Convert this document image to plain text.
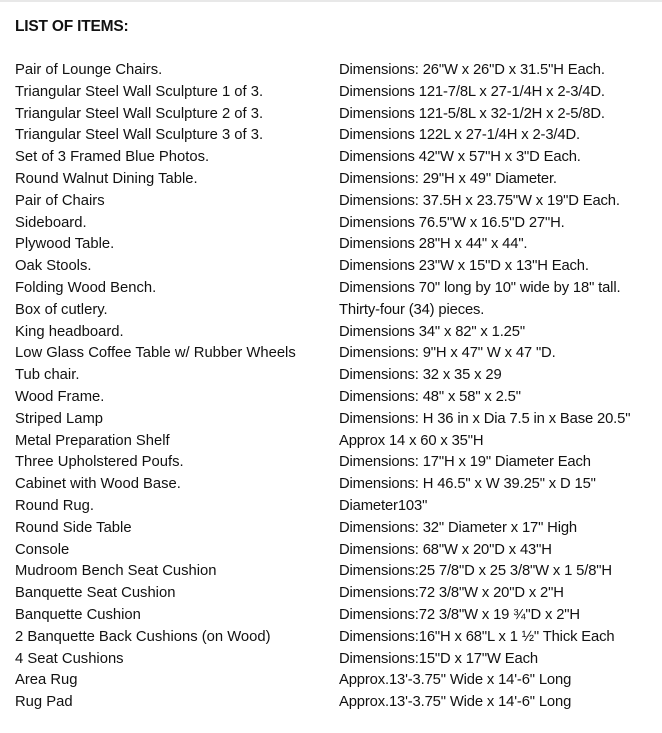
LIST OF ITEMS:
Pair of Lounge Chairs.	Dimensions: 26"W x 26"D x 31.5"H Each.
Triangular Steel Wall Sculpture 1 of 3.	Dimensions 121-7/8L x 27-1/4H x 2-3/4D.
Triangular Steel Wall Sculpture 2 of 3.	Dimensions 121-5/8L x 32-1/2H x 2-5/8D.
Triangular Steel Wall Sculpture 3 of 3.	Dimensions 122L x 27-1/4H x 2-3/4D.
Set of 3 Framed Blue Photos.	Dimensions 42"W x 57"H x 3"D Each.
Round Walnut Dining Table.	Dimensions: 29"H x 49" Diameter.
Pair of Chairs	Dimensions: 37.5H x 23.75"W x 19"D Each.
Sideboard.	Dimensions 76.5"W x 16.5"D 27"H.
Plywood Table.	Dimensions 28"H x 44" x 44".
Oak Stools.	Dimensions 23"W x 15"D x 13"H Each.
Folding Wood Bench.	Dimensions 70" long by 10" wide by 18" tall.
Box of cutlery.	Thirty-four (34) pieces.
King headboard.	Dimensions 34" x 82" x 1.25"
Low Glass Coffee Table w/ Rubber Wheels	Dimensions: 9"H x 47" W x 47 "D.
Tub chair.	Dimensions: 32 x 35 x 29
Wood Frame.	Dimensions: 48" x 58" x 2.5"
Striped Lamp	Dimensions: H 36 in x Dia 7.5 in x Base 20.5"
Metal Preparation Shelf	Approx 14 x 60 x 35"H
Three Upholstered Poufs.	Dimensions: 17"H x 19" Diameter Each
Cabinet with Wood Base.	Dimensions: H 46.5" x W 39.25" x D 15"
Round Rug.	Diameter103"
Round Side Table	Dimensions: 32" Diameter x 17" High
Console	Dimensions: 68"W x 20"D x 43"H
Mudroom Bench Seat Cushion	Dimensions:25 7/8"D x 25 3/8"W x 1 5/8"H
Banquette Seat Cushion	Dimensions:72 3/8"W x 20"D x 2"H
Banquette Cushion	Dimensions:72 3/8"W x 19 ¾"D x 2"H
2 Banquette Back Cushions (on Wood)	Dimensions:16"H x 68"L x 1 ½" Thick Each
4 Seat Cushions	Dimensions:15"D x 17"W Each
Area Rug	Approx.13'-3.75" Wide x 14'-6" Long
Rug Pad	Approx.13'-3.75" Wide x 14'-6" Long
